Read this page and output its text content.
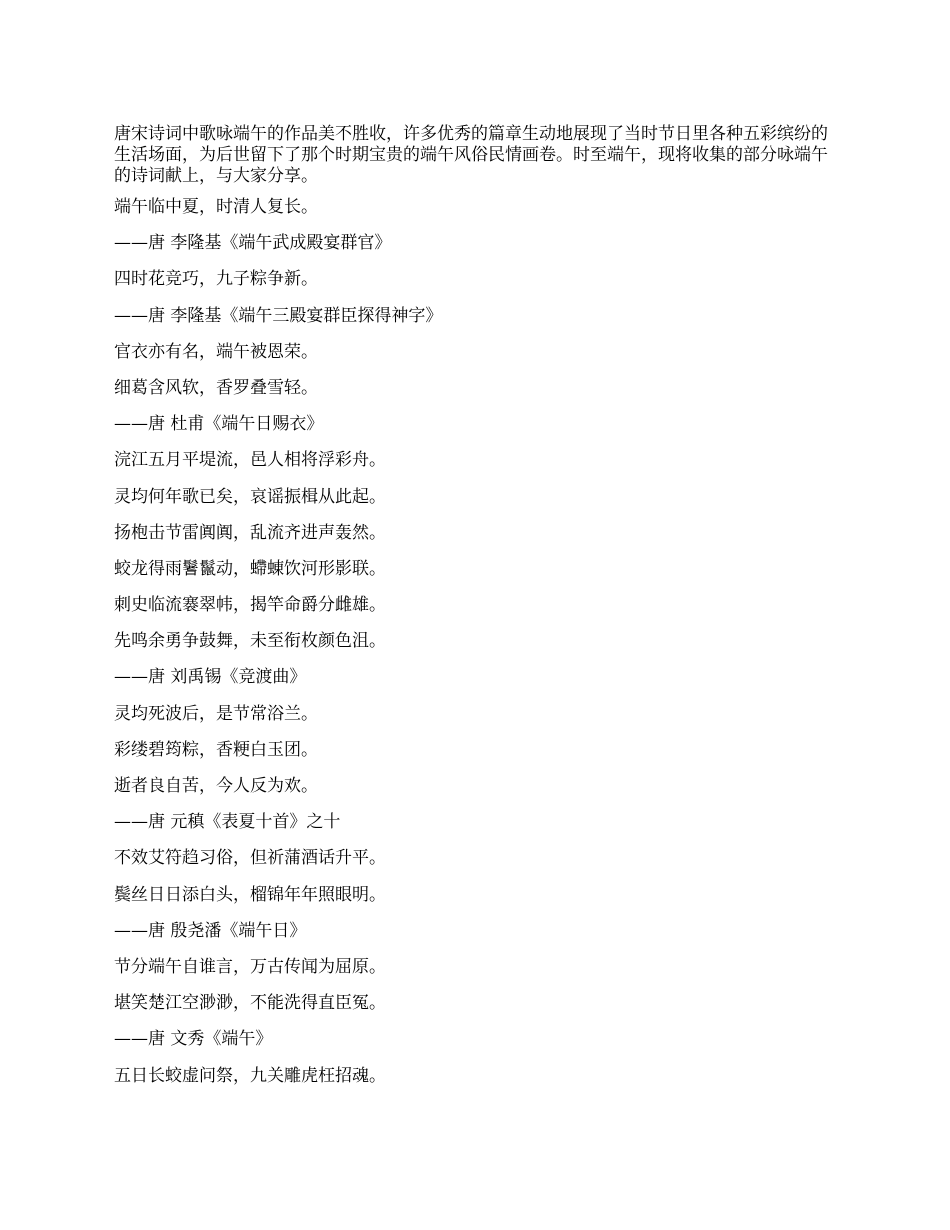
唐宋诗词中歌咏端午的作品美不胜收，许多优秀的篇章生动地展现了当时节日里各种五彩缤纷的生活场面，为后世留下了那个时期宝贵的端午风俗民情画卷。时至端午，现将收集的部分咏端午的诗词献上，与大家分享。

端午临中夏，时清人复长。

——唐 李隆基《端午武成殿宴群官》

四时花竞巧，九子粽争新。

——唐 李隆基《端午三殿宴群臣探得神字》

官衣亦有名，端午被恩荣。

细葛含风软，香罗叠雪轻。

——唐 杜甫《端午日赐衣》

浣江五月平堤流，邑人相将浮彩舟。

灵均何年歌已矣，哀谣振楫从此起。

扬枹击节雷阗阗，乱流齐进声轰然。

蛟龙得雨鬐鬣动，螮蝀饮河形影联。

刺史临流褰翠帏，揭竿命爵分雌雄。

先鸣余勇争鼓舞，未至衔枚颜色沮。

——唐 刘禹锡《竞渡曲》

灵均死波后，是节常浴兰。

彩缕碧筠粽，香粳白玉团。

逝者良自苦，今人反为欢。

——唐 元稹《表夏十首》之十

不效艾符趋习俗，但祈蒲酒话升平。

鬓丝日日添白头，榴锦年年照眼明。

——唐 殷尧潘《端午日》

节分端午自谁言，万古传闻为屈原。

堪笑楚江空渺渺，不能洗得直臣冤。

——唐 文秀《端午》

五日长蛟虚问祭，九关雕虎枉招魂。
